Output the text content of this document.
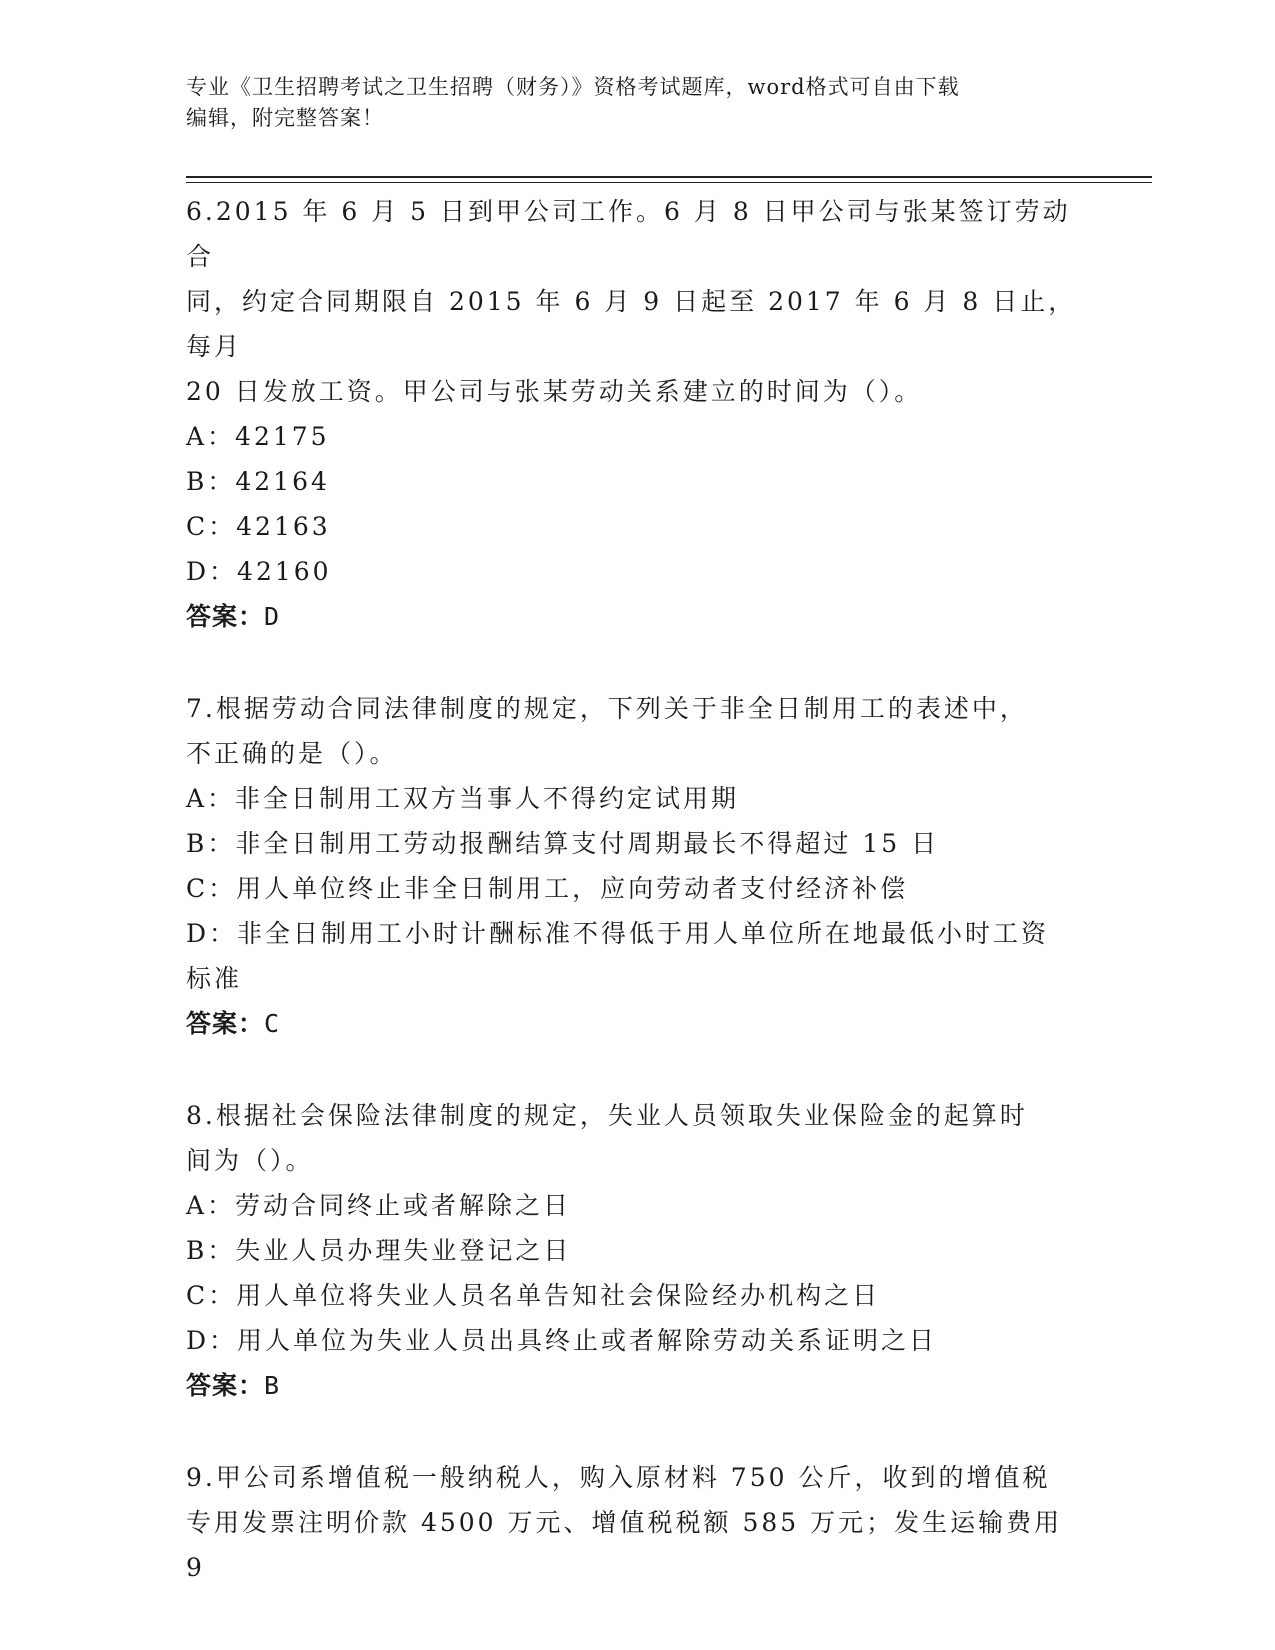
专业《卫生招聘考试之卫生招聘（财务）》资格考试题库，word格式可自由下载
编辑，附完整答案！

6.2015 年 6 月 5 日到甲公司工作。6 月 8 日甲公司与张某签订劳动合

同，约定合同期限自 2015 年 6 月 9 日起至 2017 年 6 月 8 日止，每月

20 日发放工资。甲公司与张某劳动关系建立的时间为（）。

A：42175

B：42164

C：42163

D：42160

答案：D

7.根据劳动合同法律制度的规定，下列关于非全日制用工的表述中，

不正确的是（）。

A：非全日制用工双方当事人不得约定试用期

B：非全日制用工劳动报酬结算支付周期最长不得超过 15 日

C：用人单位终止非全日制用工，应向劳动者支付经济补偿

D：非全日制用工小时计酬标准不得低于用人单位所在地最低小时工资

标准

答案：C

8.根据社会保险法律制度的规定，失业人员领取失业保险金的起算时

间为（）。

A：劳动合同终止或者解除之日

B：失业人员办理失业登记之日

C：用人单位将失业人员名单告知社会保险经办机构之日

D：用人单位为失业人员出具终止或者解除劳动关系证明之日

答案：B

9.甲公司系增值税一般纳税人，购入原材料 750 公斤，收到的增值税

专用发票注明价款 4500 万元、增值税税额 585 万元；发生运输费用 9
